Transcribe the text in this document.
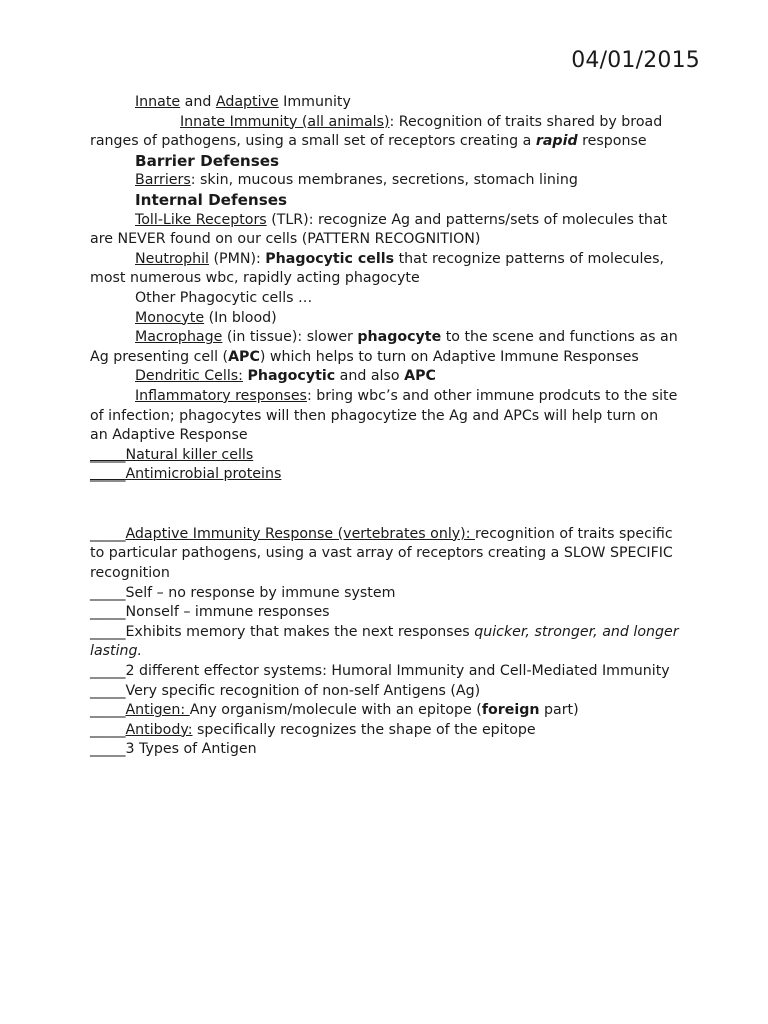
04/01/2015

Innate and Adaptive Immunity

Innate Immunity (all animals): Recognition of traits shared by broad ranges of pathogens, using a small set of receptors creating a rapid response

Barrier Defenses

Barriers: skin, mucous membranes, secretions, stomach lining

Internal Defenses

Toll-Like Receptors (TLR): recognize Ag and patterns/sets of molecules that are NEVER found on our cells (PATTERN RECOGNITION)

Neutrophil (PMN): Phagocytic cells that recognize patterns of molecules, most numerous wbc, rapidly acting phagocyte

Other Phagocytic cells …

Monocyte (In blood)

Macrophage (in tissue): slower phagocyte to the scene and functions as an Ag presenting cell (APC) which helps to turn on Adaptive Immune Responses

Dendritic Cells: Phagocytic and also APC

Inflammatory responses: bring wbc’s and other immune prodcuts to the site of infection; phagocytes will then phagocytize the Ag and APCs will help turn on an Adaptive Response

_____Natural killer cells

_____Antimicrobial proteins

_____Adaptive Immunity Response (vertebrates only): recognition of traits specific to particular pathogens, using a vast array of receptors creating a SLOW SPECIFIC recognition

_____Self – no response by immune system

_____Nonself – immune responses

_____Exhibits memory that makes the next responses quicker, stronger, and longer lasting.

_____2 different effector systems: Humoral Immunity and Cell-Mediated Immunity

_____Very specific recognition of non-self Antigens (Ag)

_____Antigen: Any organism/molecule with an epitope (foreign part)

_____Antibody: specifically recognizes the shape of the epitope

_____3 Types of Antigen
